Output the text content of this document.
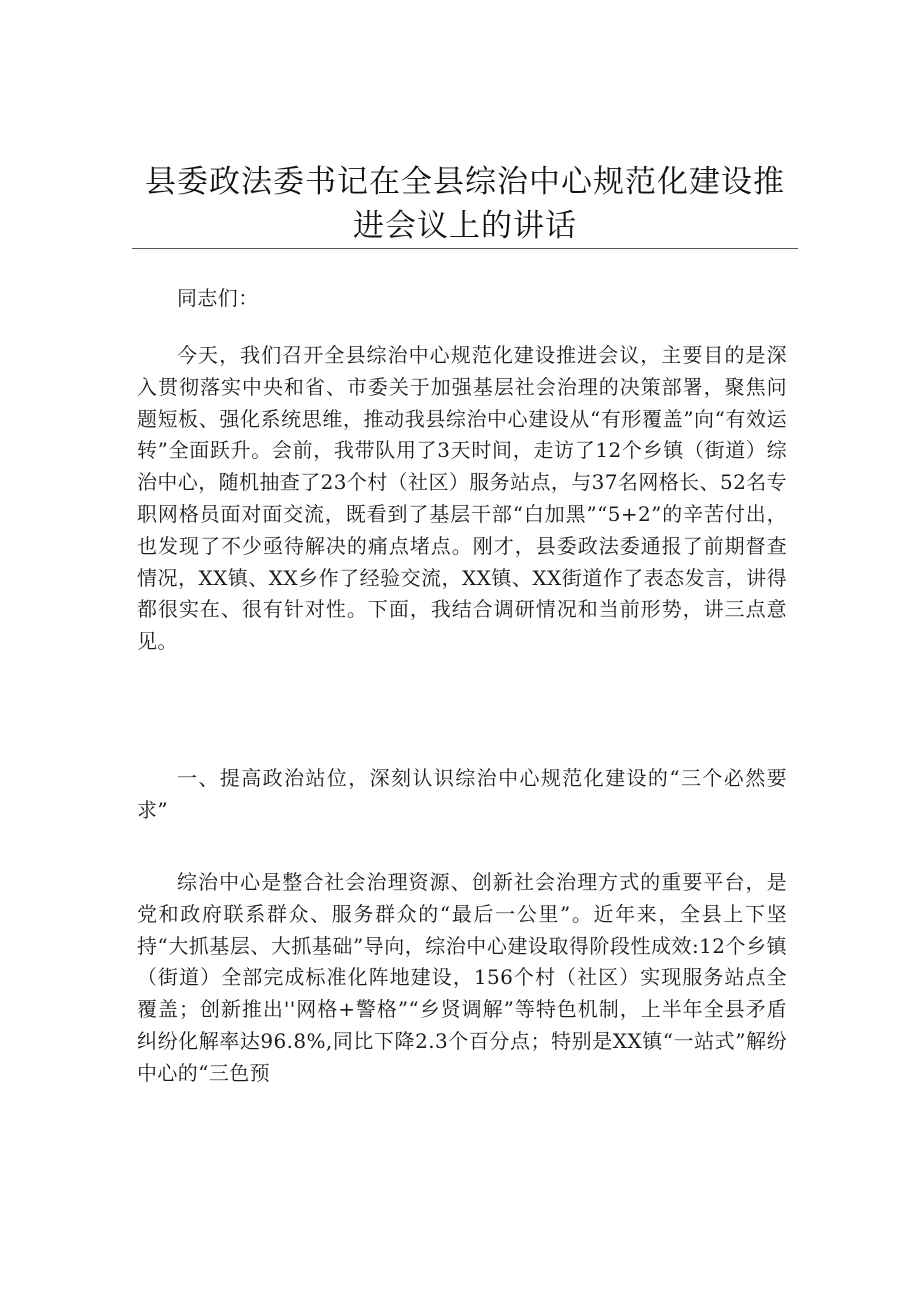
县委政法委书记在全县综治中心规范化建设推进会议上的讲话

同志们：

今天，我们召开全县综治中心规范化建设推进会议，主要目的是深入贯彻落实中央和省、市委关于加强基层社会治理的决策部署，聚焦问题短板、强化系统思维，推动我县综治中心建设从“有形覆盖”向“有效运转”全面跃升。会前，我带队用了3天时间，走访了12个乡镇（街道）综治中心，随机抽查了23个村（社区）服务站点，与37名网格长、52名专职网格员面对面交流，既看到了基层干部“白加黑”“5+2”的辛苦付出，也发现了不少亟待解决的痛点堵点。刚才，县委政法委通报了前期督查情况，XX镇、XX乡作了经验交流，XX镇、XX街道作了表态发言，讲得都很实在、很有针对性。下面，我结合调研情况和当前形势，讲三点意见。

一、提高政治站位，深刻认识综治中心规范化建设的“三个必然要求”

综治中心是整合社会治理资源、创新社会治理方式的重要平台，是党和政府联系群众、服务群众的“最后一公里”。近年来，全县上下坚持“大抓基层、大抓基础”导向，综治中心建设取得阶段性成效:12个乡镇（街道）全部完成标准化阵地建设，156个村（社区）实现服务站点全覆盖；创新推出''网格+警格”“乡贤调解”等特色机制，上半年全县矛盾纠纷化解率达96.8%,同比下降2.3个百分点；特别是XX镇“一站式”解纷中心的“三色预
